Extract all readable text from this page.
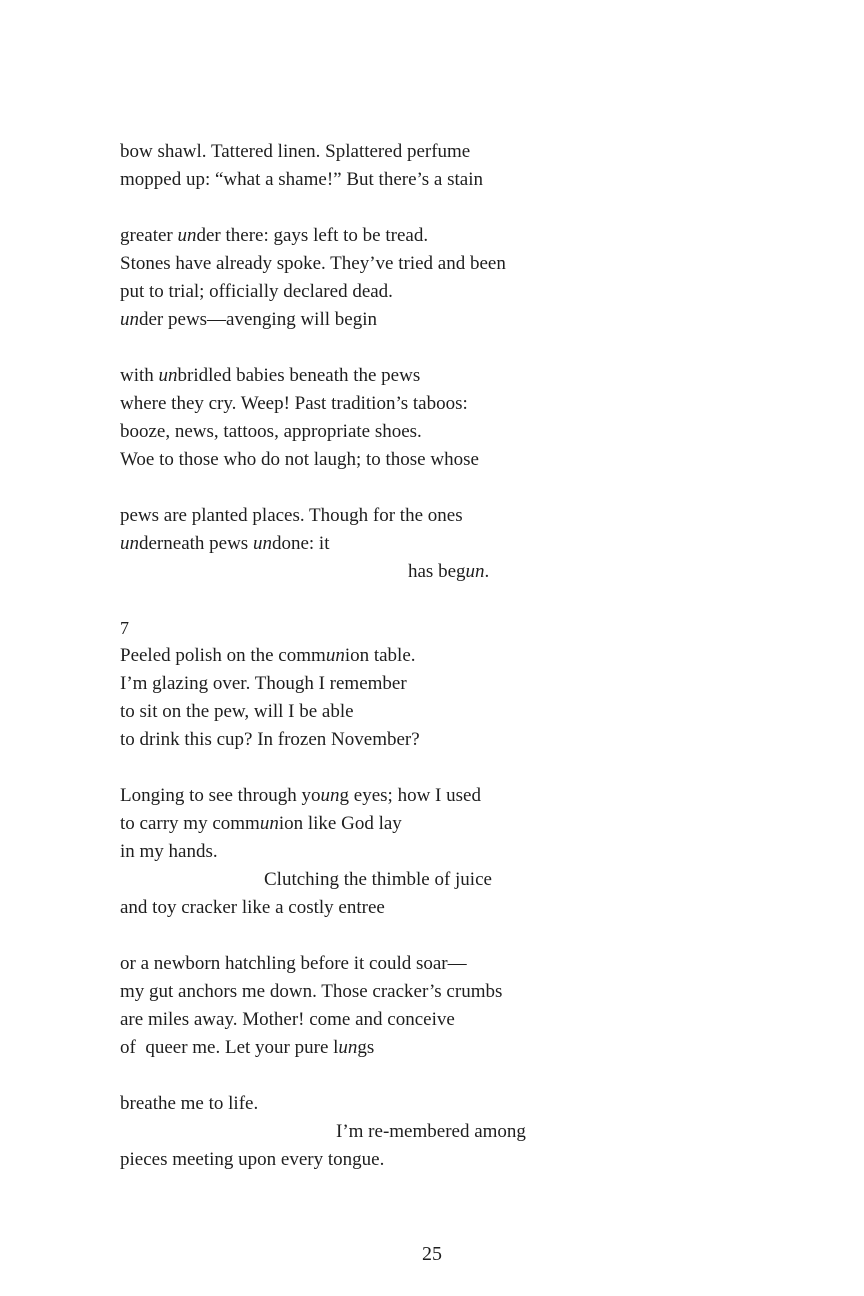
bow shawl. Tattered linen. Splattered perfume
mopped up: “what a shame!” But there’s a stain
greater under there: gays left to be tread.
Stones have already spoke. They’ve tried and been
put to trial; officially declared dead.
under pews—avenging will begin
with unbridled babies beneath the pews
where they cry. Weep! Past tradition’s taboos:
booze, news, tattoos, appropriate shoes.
Woe to those who do not laugh; to those whose
pews are planted places. Though for the ones
underneath pews undone: it
has begun.
7
Peeled polish on the communion table.
I’m glazing over. Though I remember
to sit on the pew, will I be able
to drink this cup? In frozen November?
Longing to see through young eyes; how I used
to carry my communion like God lay
in my hands.
Clutching the thimble of juice
and toy cracker like a costly entree
or a newborn hatchling before it could soar—
my gut anchors me down. Those cracker’s crumbs
are miles away. Mother! come and conceive
of  queer me. Let your pure lungs
breathe me to life.
I’m re-membered among
pieces meeting upon every tongue.
25
